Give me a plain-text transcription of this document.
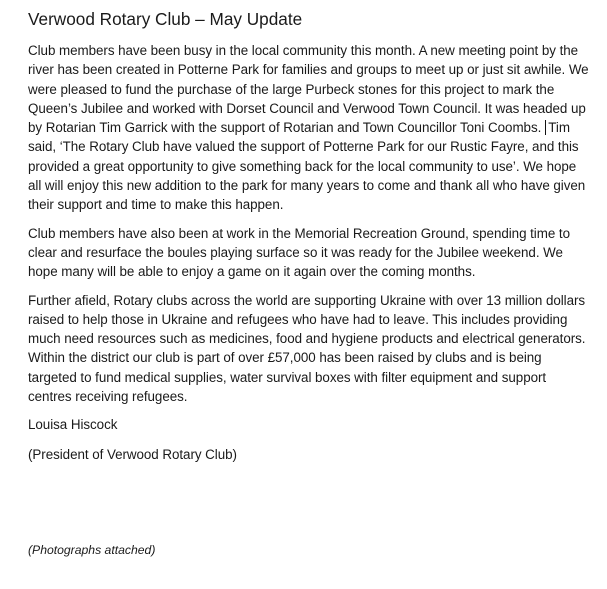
Verwood Rotary Club – May Update

Club members have been busy in the local community this month. A new meeting point by the river has been created in Potterne Park for families and groups to meet up or just sit awhile. We were pleased to fund the purchase of the large Purbeck stones for this project to mark the Queen’s Jubilee and worked with Dorset Council and Verwood Town Council. It was headed up by Rotarian Tim Garrick with the support of Rotarian and Town Councillor Toni Coombs. Tim said, ‘The Rotary Club have valued the support of Potterne Park for our Rustic Fayre, and this provided a great opportunity to give something back for the local community to use’. We hope all will enjoy this new addition to the park for many years to come and thank all who have given their support and time to make this happen.

Club members have also been at work in the Memorial Recreation Ground, spending time to clear and resurface the boules playing surface so it was ready for the Jubilee weekend. We hope many will be able to enjoy a game on it again over the coming months.

Further afield, Rotary clubs across the world are supporting Ukraine with over 13 million dollars raised to help those in Ukraine and refugees who have had to leave. This includes providing much need resources such as medicines, food and hygiene products and electrical generators. Within the district our club is part of over £57,000 has been raised by clubs and is being targeted to fund medical supplies, water survival boxes with filter equipment and support centres receiving refugees.

Louisa Hiscock

(President of Verwood Rotary Club)

(Photographs attached)
